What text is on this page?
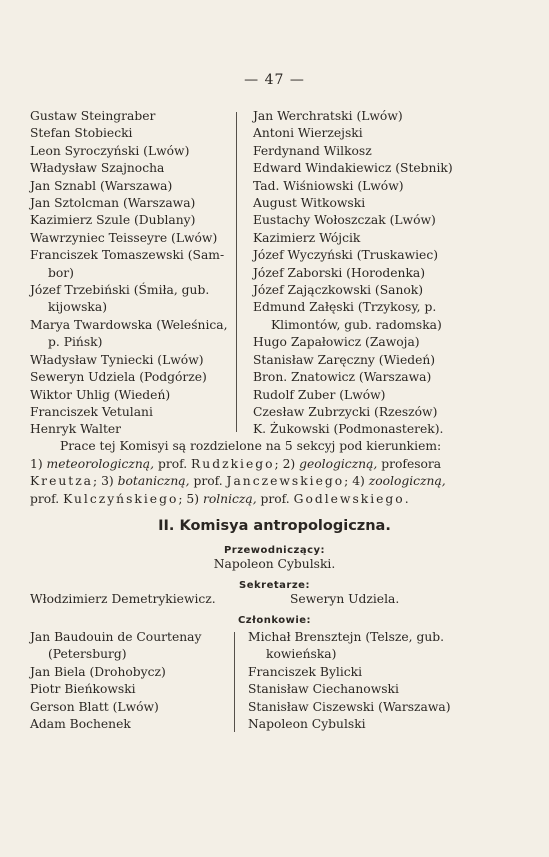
— 47 —
Gustaw Steingraber
Stefan Stobiecki
Leon Syroczyński (Lwów)
Władysław Szajnocha
Jan Sznabl (Warszawa)
Jan Sztolcman (Warszawa)
Kazimierz Szule (Dublany)
Wawrzyniec Teisseyre (Lwów)
Franciszek Tomaszewski (Sam-
bor)
Józef Trzebiński (Śmiła, gub.
kijowska)
Marya Twardowska (Weleśnica,
p. Pińsk)
Władysław Tyniecki (Lwów)
Seweryn Udziela (Podgórze)
Wiktor Uhlig (Wiedeń)
Franciszek Vetulani
Henryk Walter
Jan Werchratski (Lwów)
Antoni Wierzejski
Ferdynand Wilkosz
Edward Windakiewicz (Stebnik)
Tad. Wiśniowski (Lwów)
August Witkowski
Eustachy Wołoszczak (Lwów)
Kazimierz Wójcik
Józef Wyczyński (Truskawiec)
Józef Zaborski (Horodenka)
Józef Zajączkowski (Sanok)
Edmund Załęski (Trzykosy, p.
Klimontów, gub. radomska)
Hugo Zapałowicz (Zawoja)
Stanisław Zaręczny (Wiedeń)
Bron. Znatowicz (Warszawa)
Rudolf Zuber (Lwów)
Czesław Zubrzycki (Rzeszów)
K. Żukowski (Podmonasterek).
Prace tej Komisyi są rozdzielone na 5 sekcyj pod kierunkiem:
1) meteorologiczną, prof. Rudzkiego; 2) geologiczną, profesora
Kreutza; 3) botaniczną, prof. Janczewskiego; 4) zoologiczną,
prof. Kulczyńskiego; 5) rolniczą, prof. Godlewskiego.
II. Komisya antropologiczna.
Przewodniczący:
Napoleon Cybulski.
Sekretarze:
Włodzimierz Demetrykiewicz.	Seweryn Udziela.
Członkowie:
Jan Baudouin de Courtenay
(Petersburg)
Jan Biela (Drohobycz)
Piotr Bieńkowski
Gerson Blatt (Lwów)
Adam Bochenek
Michał Brensztejn (Telsze, gub.
kowieńska)
Franciszek Bylicki
Stanisław Ciechanowski
Stanisław Ciszewski (Warszawa)
Napoleon Cybulski
